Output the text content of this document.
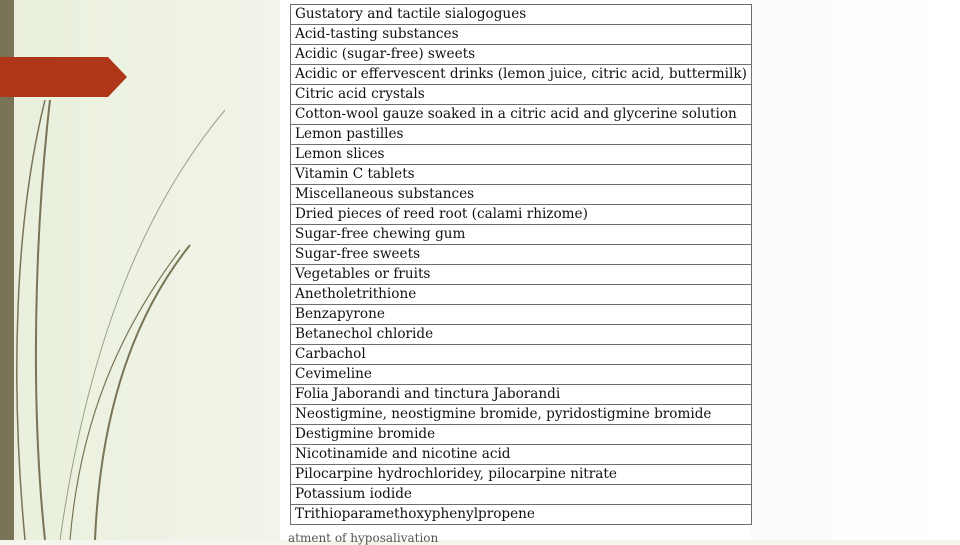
Gustatory and tactile sialogogues
Acid-tasting substances
Acidic (sugar-free) sweets
Acidic or effervescent drinks (lemon juice, citric acid, buttermilk)
Citric acid crystals
Cotton-wool gauze soaked in a citric acid and glycerine solution
Lemon pastilles
Lemon slices
Vitamin C tablets
Miscellaneous substances
Dried pieces of reed root (calami rhizome)
Sugar-free chewing gum
Sugar-free sweets
Vegetables or fruits
Anetholetrithione
Benzapyrone
Betanechol chloride
Carbachol
Cevimeline
Folia Jaborandi and tinctura Jaborandi
Neostigmine, neostigmine bromide, pyridostigmine bromide
Destigmine bromide
Nicotinamide and nicotine acid
Pilocarpine hydrochloridey, pilocarpine nitrate
Potassium iodide
Trithioparamethoxyphenylpropene
atment of hyposalivation
